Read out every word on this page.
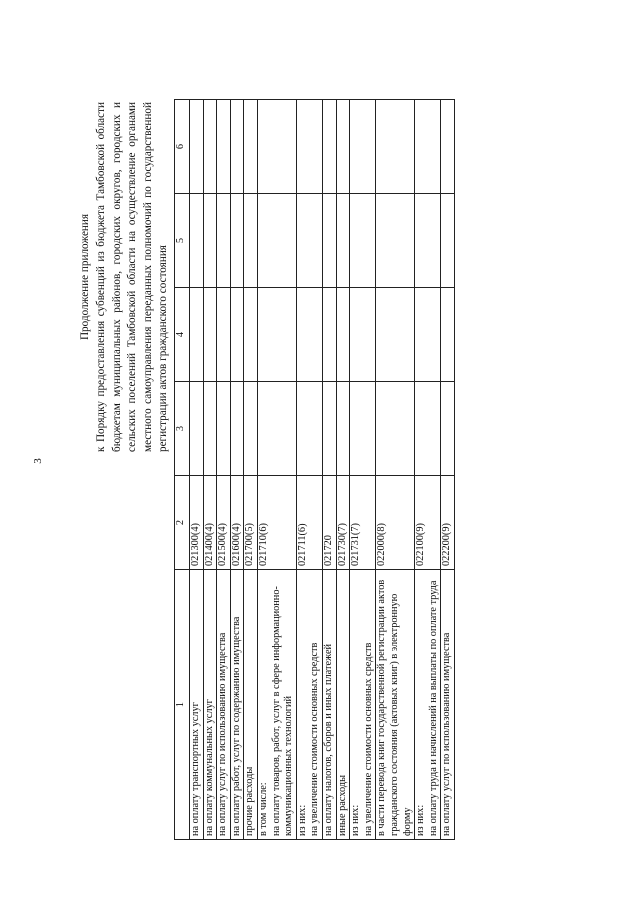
3

Продолжение приложения к Порядку предоставления субвенций из бюджета Тамбовской области бюджетам муниципальных районов, городских округов, городских и сельских поселений Тамбовской области на осуществление органами местного самоуправления переданных полномочий по государственной регистрации актов гражданского состояния

1	2	3	4	5	6
на оплату транспортных услуг	021300(4)				
на оплату коммунальных услуг	021400(4)				
на оплату услуг по использованию имущества	021500(4)				
на оплату работ, услуг по содержанию имущества	021600(4)				
прочие расходы	021700(5)				
в том числе:
на оплату товаров, работ, услуг в сфере информационно-коммуникационных технологий	021710(6)				
из них:
на увеличение стоимости основных средств	021711(6)				
на оплату налогов, сборов и иных платежей	021720				
иные расходы	021730(7)				
из них:
на увеличение стоимости основных средств	021731(7)				
в части перевода книг государственной регистрации актов гражданского состояния (актовых книг) в электронную форму	022000(8)				
из них:
на оплату труда и начислений на выплаты по оплате труда	022100(9)				
на оплату услуг по использованию имущества	022200(9)				
